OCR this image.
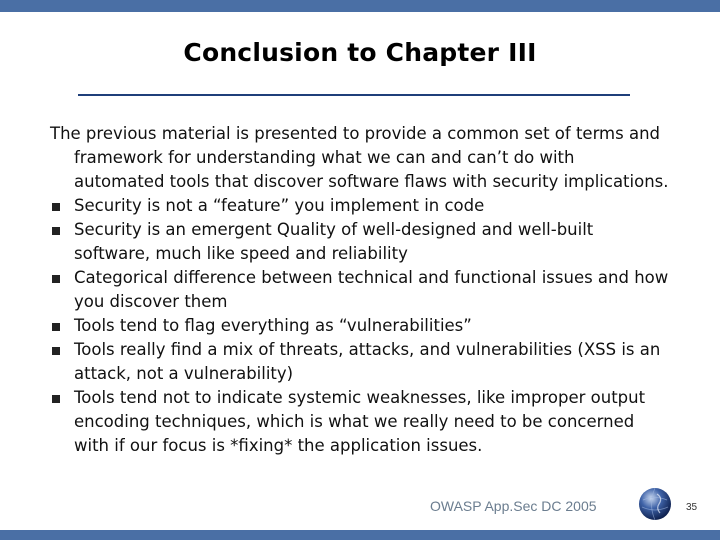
Conclusion to Chapter III

The previous material is presented to provide a common set of terms and framework for understanding what we can and can’t do with automated tools that discover software flaws with security implications.

Security is not a “feature” you implement in code
Security is an emergent Quality of well-designed and well-built software, much like speed and reliability
Categorical difference between technical and functional issues and how you discover them
Tools tend to flag everything as “vulnerabilities”
Tools really find a mix of threats, attacks, and vulnerabilities (XSS is an attack, not a vulnerability)
Tools tend not to indicate systemic weaknesses, like improper output encoding techniques, which is what we really need to be concerned with if our focus is *fixing* the application issues.
OWASP App.Sec DC 2005	35
